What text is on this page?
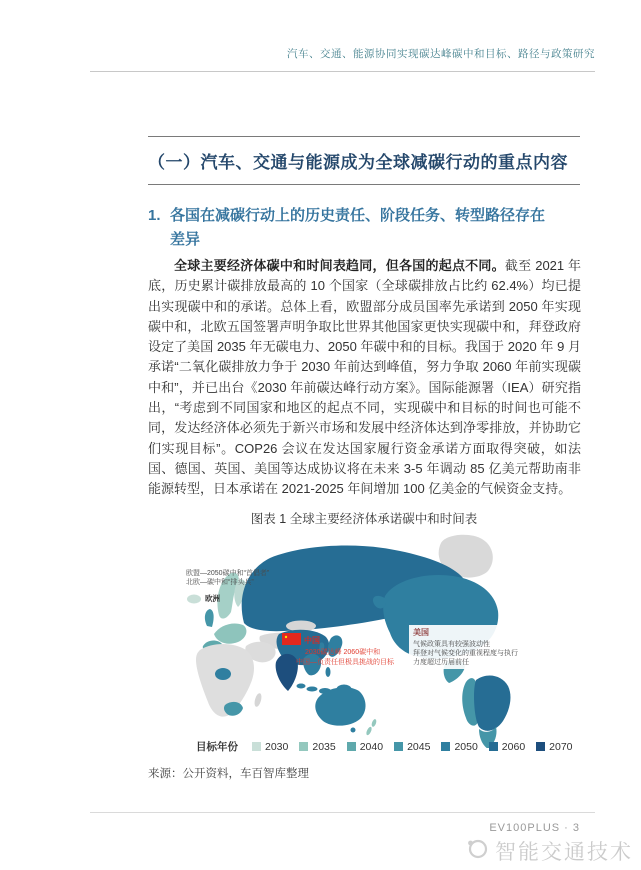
汽车、交通、能源协同实现碳达峰碳中和目标、路径与政策研究
（一）汽车、交通与能源成为全球减碳行动的重点内容
1. 各国在减碳行动上的历史责任、阶段任务、转型路径存在差异

全球主要经济体碳中和时间表趋同，但各国的起点不同。截至 2021 年底，历史累计碳排放最高的 10 个国家（全球碳排放占比约 62.4%）均已提出实现碳中和的承诺。总体上看，欧盟部分成员国率先承诺到 2050 年实现碳中和，北欧五国签署声明争取比世界其他国家更快实现碳中和，拜登政府设定了美国 2035 年无碳电力、2050 年碳中和的目标。我国于 2020 年 9 月承诺“二氧化碳排放力争于 2030 年前达到峰值，努力争取 2060 年前实现碳中和”，并已出台《2030 年前碳达峰行动方案》。国际能源署（IEA）研究指出，“考虑到不同国家和地区的起点不同，实现碳中和目标的时间也可能不同，发达经济体必须先于新兴市场和发展中经济体达到净零排放，并协助它们实现目标”。COP26 会议在发达国家履行资金承诺方面取得突破，如法国、德国、英国、美国等达成协议将在未来 3-5 年调动 85 亿美元帮助南非能源转型，日本承诺在 2021-2025 年间增加 100 亿美金的气候资金支持。

图表 1 全球主要经济体承诺碳中和时间表
欧盟—2050碳中和“首倡者”
北欧—碳中和“排头兵”
欧洲
中国
2030碳达峰 2060碳中和
中国—负责任但极具挑战的目标
美国
气候政策具有较强波动性
拜登对气候变化的重视程度与执行
力度超过历届前任
目标年份	2030 2035 2040 2045 2050 2060 2070
来源：公开资料，车百智库整理
EV100PLUS · 3
智能交通技术
